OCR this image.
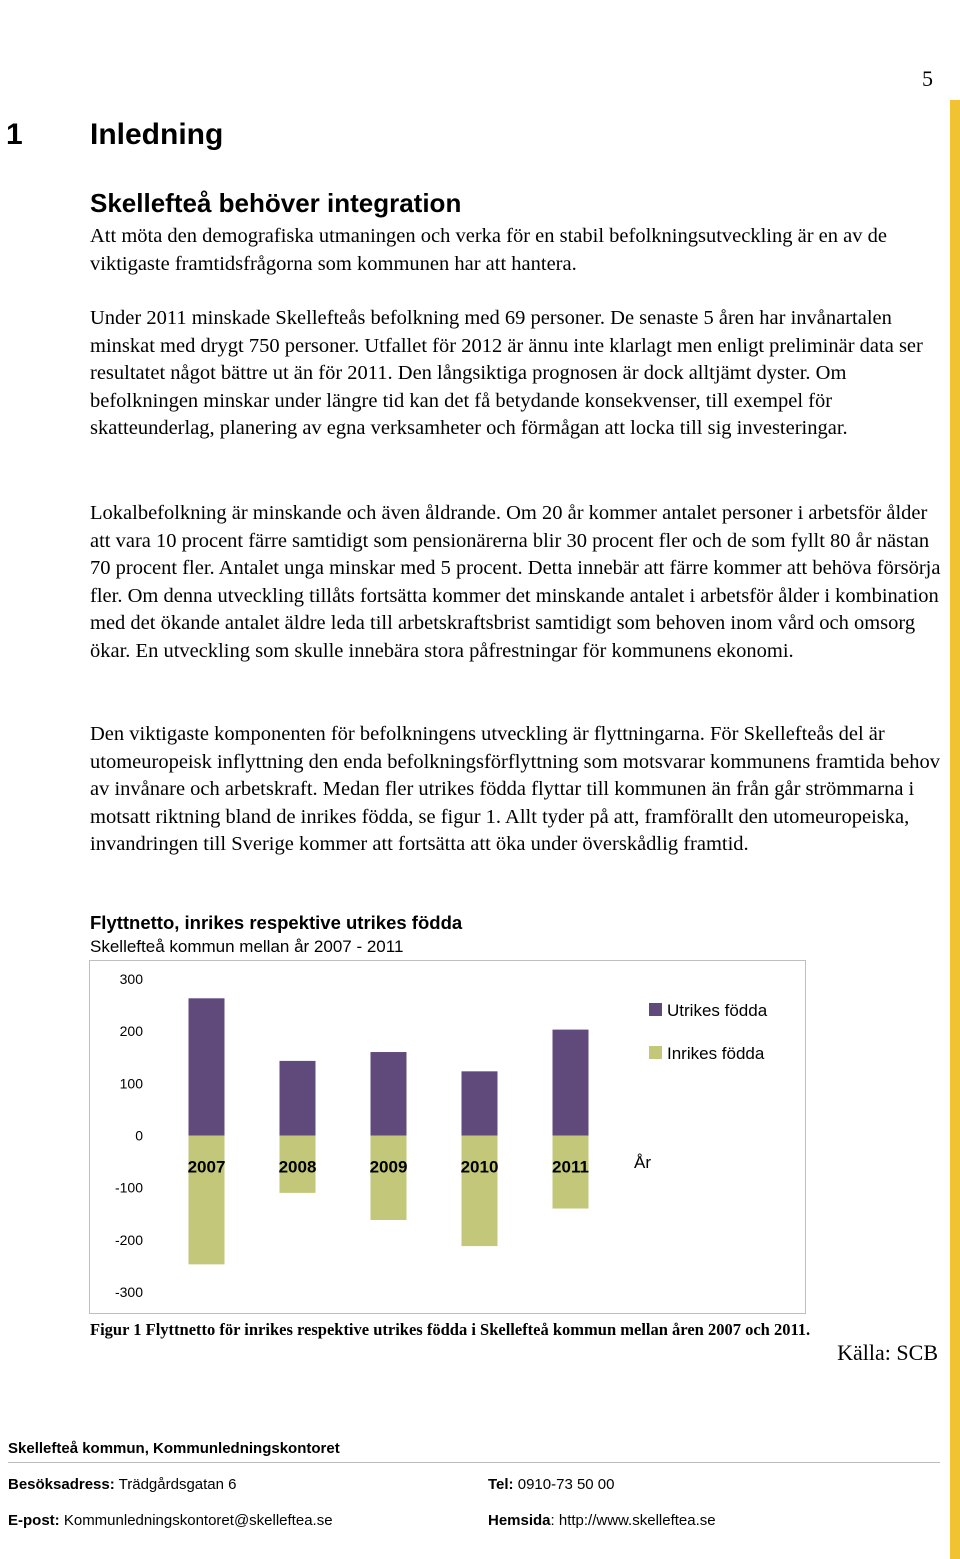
5
1 Inledning
Skellefteå behöver integration

Att möta den demografiska utmaningen och verka för en stabil befolkningsutveckling är en av de viktigaste framtidsfrågorna som kommunen har att hantera.

Under 2011 minskade Skellefteås befolkning med 69 personer. De senaste 5 åren har invånartalen minskat med drygt 750 personer. Utfallet för 2012 är ännu inte klarlagt men enligt preliminär data ser resultatet något bättre ut än för 2011. Den långsiktiga prognosen är dock alltjämt dyster. Om befolkningen minskar under längre tid kan det få betydande konsekvenser, till exempel för skatteunderlag, planering av egna verksamheter och förmågan att locka till sig investeringar.

Lokalbefolkning är minskande och även åldrande. Om 20 år kommer antalet personer i arbetsför ålder att vara 10 procent färre samtidigt som pensionärerna blir 30 procent fler och de som fyllt 80 år nästan 70 procent fler. Antalet unga minskar med 5 procent. Detta innebär att färre kommer att behöva försörja fler. Om denna utveckling tillåts fortsätta kommer det minskande antalet i arbetsför ålder i kombination med det ökande antalet äldre leda till arbetskraftsbrist samtidigt som behoven inom vård och omsorg ökar. En utveckling som skulle innebära stora påfrestningar för kommunens ekonomi.

Den viktigaste komponenten för befolkningens utveckling är flyttningarna. För Skellefteås del är utomeuropeisk inflyttning den enda befolkningsförflyttning som motsvarar kommunens framtida behov av invånare och arbetskraft. Medan fler utrikes födda flyttar till kommunen än från går strömmarna i motsatt riktning bland de inrikes födda, se figur 1. Allt tyder på att, framförallt den utomeuropeiska, invandringen till Sverige kommer att fortsätta att öka under överskådlig framtid.

Flyttnetto, inrikes respektive utrikes födda
Skellefteå kommun mellan år 2007 - 2011
300
200
100
0
-100
-200
-300
2007	2008	2009	2010	2011	År
Utrikes födda
Inrikes födda
Figur 1 Flyttnetto för inrikes respektive utrikes födda i Skellefteå kommun mellan åren 2007 och 2011.
Källa: SCB
Skellefteå kommun, Kommunledningskontoret
Besöksadress: Trädgårdsgatan 6	Tel: 0910-73 50 00
E-post: Kommunledningskontoret@skelleftea.se	Hemsida: http://www.skelleftea.se
